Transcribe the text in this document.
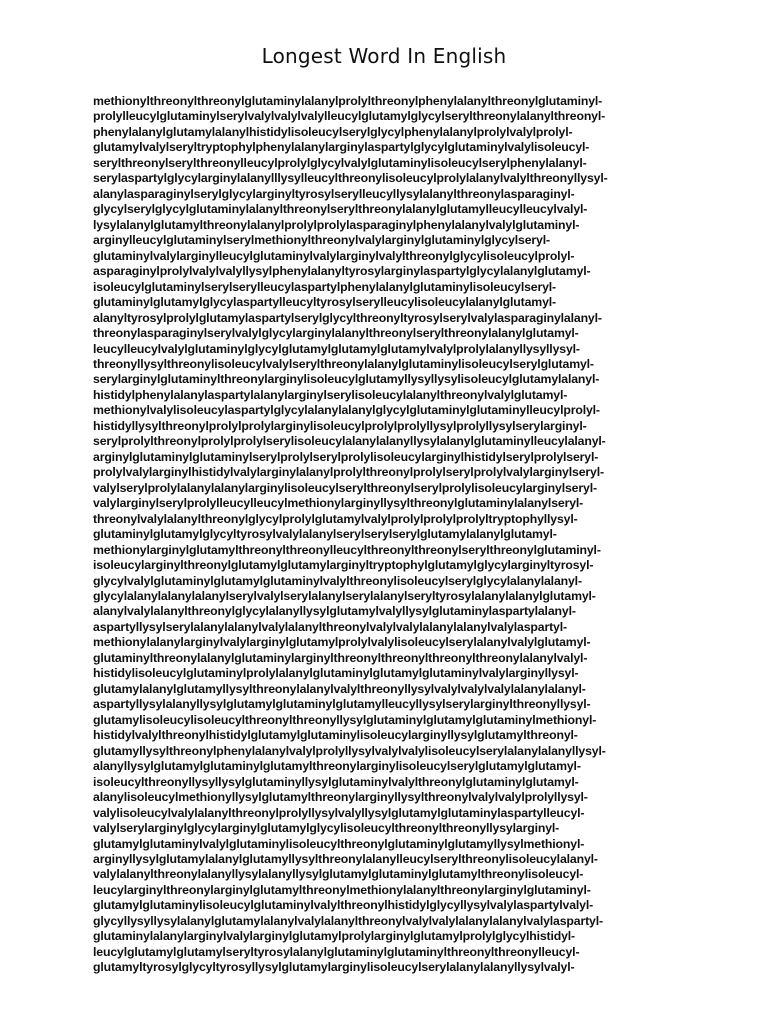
Longest Word In English
methionylthreonylthreonylglutaminylalanylprolylthreonylphenylalanylthreonylglutaminyl-
prolylleucylglutaminylserylvalylvalylvalylleucylglutamylglycylserylthreonylalanylthreonyl-
phenylalanylglutamylalanylhistidylisoleucylserylglycylphenylalanylprolylvalylprolyl-
glutamylvalylseryltryptophylphenylalanylarginylaspartylglycylglutaminylvalylisoleucyl-
serylthreonylserylthreonylleucylprolylglycylvalylglutaminylisoleucylserylphenylalanyl-
serylaspartylglycylarginylalanylllysylleucylthreonylisoleucylprolylalanylvalylthreonyllysyl-
alanylasparaginylserylglycylarginyltyrosylserylleucyllysylalanylthreonylasparaginyl-
glycylserylglycylglutaminylalanylthreonylserylthreonylalanylglutamylleucylleucylvalyl-
lysylalanylglutamylthreonylalanylprolylprolylasparaginylphenylalanylvalylglutaminyl-
arginylleucylglutaminylserylmethionylthreonylvalylarginylglutaminylglycylseryl-
glutaminylvalylarginylleucylglutaminylvalylarginylvalylthreonylglycylisoleucylprolyl-
asparaginylprolylvalylvalyllysylphenylalanyltyrosylarginylaspartylglycylalanylglutamyl-
isoleucylglutaminylserylserylleucylaspartylphenylalanylglutaminylisoleucylseryl-
glutaminylglutamylglycylaspartylleucyltyrosylserylleucylisoleucylalanylglutamyl-
alanyltyrosylprolylglutamylaspartylserylglycylthreonyltyrosylserylvalylasparaginylalanyl-
threonylasparaginylserylvalylglycylarginylalanylthreonylserylthreonylalanylglutamyl-
leucylleucylvalylglutaminylglycylglutamylglutamylglutamylvalylprolylalanyllysyllysyl-
threonyllysylthreonylisoleucylvalylserylthreonylalanylglutaminylisoleucylserylglutamyl-
serylarginylglutaminylthreonylarginylisoleucylglutamyllysyllysylisoleucylglutamylalanyl-
histidylphenylalanylaspartylalanylarginylserylisoleucylalanylthreonylvalylglutamyl-
methionylvalylisoleucylaspartylglycylalanylalanylglycylglutaminylglutaminylleucylprolyl-
histidyllysylthreonylprolylprolylarginylisoleucylprolylprolyllysylprolyllysylserylarginyl-
serylprolylthreonylprolylprolylserylisoleucylalanylalanyllysylalanylglutaminylleucylalanyl-
arginylglutaminylglutaminylserylprolylserylprolylisoleucylarginylhistidylserylprolylseryl-
prolylvalylarginylhistidylvalylarginylalanylprolylthreonylprolylserylprolylvalylarginylseryl-
valylserylprolylalanylalanylarginylisoleucylserylthreonylserylprolylisoleucylarginylseryl-
valylarginylserylprolylleucylleucylmethionylarginyllysylthreonylglutaminylalanylseryl-
threonylvalylalanylthreonylglycylprolylglutamylvalylprolylprolylprolyltryptophyllysyl-
glutaminylglutamylglycyltyrosylvalylalanylserylserylserylglutamylalanylglutamyl-
methionylarginylglutamylthreonylthreonylleucylthreonylthreonylserylthreonylglutaminyl-
isoleucylarginylthreonylglutamylglutamylarginyltryptophylglutamylglycylarginyltyrosyl-
glycylvalylglutaminylglutamylglutaminylvalylthreonylisoleucylserylglycylalanylalanyl-
glycylalanylalanylalanylserylvalylserylalanylserylalanylseryltyrosylalanylalanylglutamyl-
alanylvalylalanylthreonylglycylalanyllysylglutamylvalyllysylglutaminylaspartylalanyl-
aspartyllysylserylalanylalanylvalylalanylthreonylvalylvalylalanylalanylvalylaspartyl-
methionylalanylarginylvalylarginylglutamylprolylvalylisoleucylserylalanylvalylglutamyl-
glutaminylthreonylalanylglutaminylarginylthreonylthreonylthreonylthreonylalanylvalyl-
histidylisoleucylglutaminylprolylalanylglutaminylglutamylglutaminylvalylarginyllysyl-
glutamylalanylglutamyllysylthreonylalanylvalylthreonyllysylvalylvalylvalylalanylalanyl-
aspartyllysylalanyllysylglutamylglutaminylglutamylleucyllysylserylarginylthreonyllysyl-
glutamylisoleucylisoleucylthreonylthreonyllysylglutaminylglutamylglutaminylmethionyl-
histidylvalylthreonylhistidylglutamylglutaminylisoleucylarginyllysylglutamylthreonyl-
glutamyllysylthreonylphenylalanylvalylprolyllysylvalylvalylisoleucylserylalanylalanyllysyl-
alanyllysylglutamylglutaminylglutamylthreonylarginylisoleucylserylglutamylglutamyl-
isoleucylthreonyllysyllysylglutaminyllysylglutaminylvalylthreonylglutaminylglutamyl-
alanylisoleucylmethionyllysylglutamylthreonylarginyllysylthreonylvalylvalylprolyllysyl-
valylisoleucylvalylalanylthreonylprolyllysylvalyllysylglutamylglutaminylaspartylleucyl-
valylserylarginylglycylarginylglutamylglycylisoleucylthreonylthreonyllysylarginyl-
glutamylglutaminylvalylglutaminylisoleucylthreonylglutaminylglutamyllysylmethionyl-
arginyllysylglutamylalanylglutamyllysylthreonylalanylleucylserylthreonylisoleucylalanyl-
valylalanylthreonylalanyllysylalanyllysylglutamylglutaminylglutamylthreonylisoleucyl-
leucylarginylthreonylarginylglutamylthreonylmethionylalanylthreonylarginylglutaminyl-
glutamylglutaminylisoleucylglutaminylvalylthreonylhistidylglycyllysylvalylaspartylvalyl-
glycyllysyllysylalanylglutamylalanylvalylalanylthreonylvalylvalylalanylalanylvalylaspartyl-
glutaminylalanylarginylvalylarginylglutamylprolylarginylglutamylprolylglycylhistidyl-
leucylglutamylglutamylseryltyrosylalanylglutaminylglutaminylthreonylthreonylleucyl-
glutamyltyrosylglycyltyrosyllysylglutamylarginylisoleucylserylalanylalanyllysylvalyl-
